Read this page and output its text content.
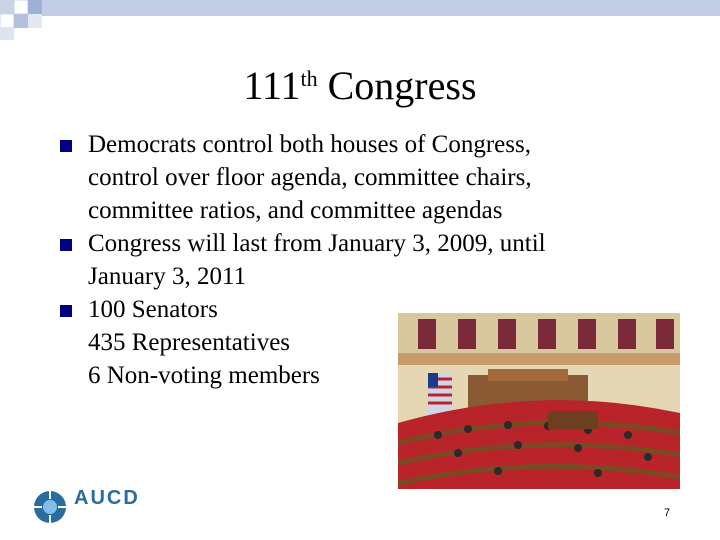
111th Congress
Democrats control both houses of Congress,
control over floor agenda, committee chairs,
committee ratios, and committee agendas
Congress will last from January 3, 2009, until
January 3, 2011
100 Senators
435 Representatives
6 Non-voting members
AUCD
7
